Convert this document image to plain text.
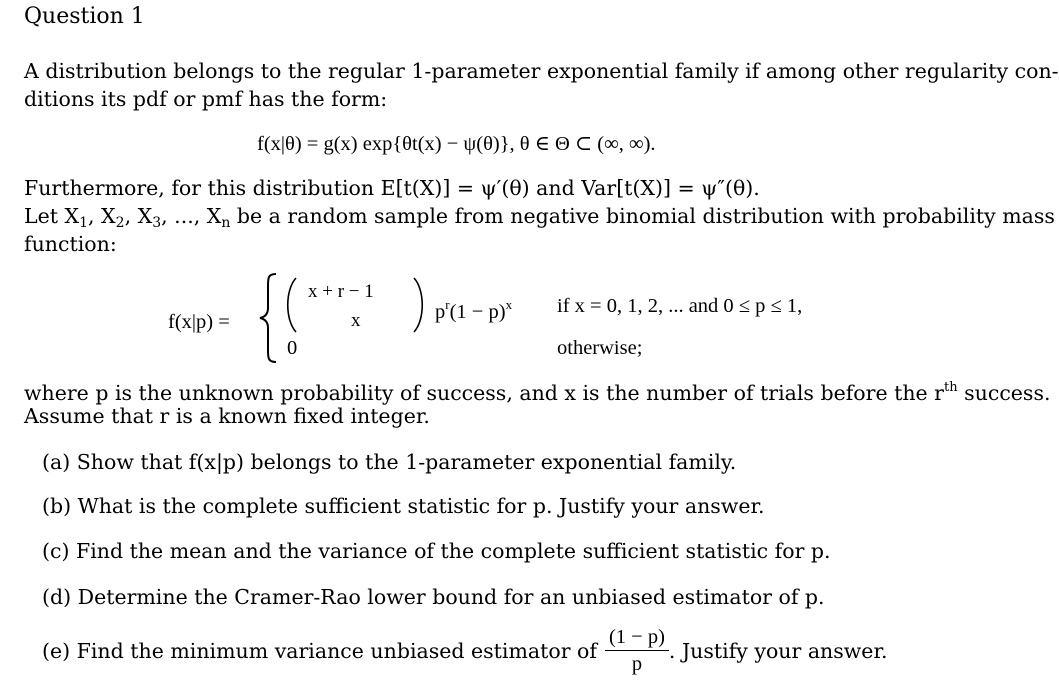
Question 1
A distribution belongs to the regular 1-parameter exponential family if among other regularity con-
ditions its pdf or pmf has the form:
f(x|θ) = g(x) exp{θt(x) − ψ(θ)}, θ ∈ Θ ⊂ (∞, ∞).
Furthermore, for this distribution E[t(X)] = ψ′(θ) and Var[t(X)] = ψ″(θ).
Let $X_1$, $X_2$, $X_3$, ..., $X_n$ be a random sample from negative binomial distribution with probability mass
function:
f(x|p) =
x + r − 1
x	$p^r(1 - p)^x$ if x = 0, 1, 2, ... and 0 ≤ p ≤ 1,
0	otherwise;
where p is the unknown probability of success, and x is the number of trials before the $r^{th}$ success.
Assume that r is a known fixed integer.
(a) Show that f(x|p) belongs to the 1-parameter exponential family.
(b) What is the complete sufficient statistic for p. Justify your answer.
(c) Find the mean and the variance of the complete sufficient statistic for p.
(d) Determine the Cramer-Rao lower bound for an unbiased estimator of p.
(e) Find the minimum variance unbiased estimator of $\frac{(1 - p)}{p}$ . Justify your answer.
